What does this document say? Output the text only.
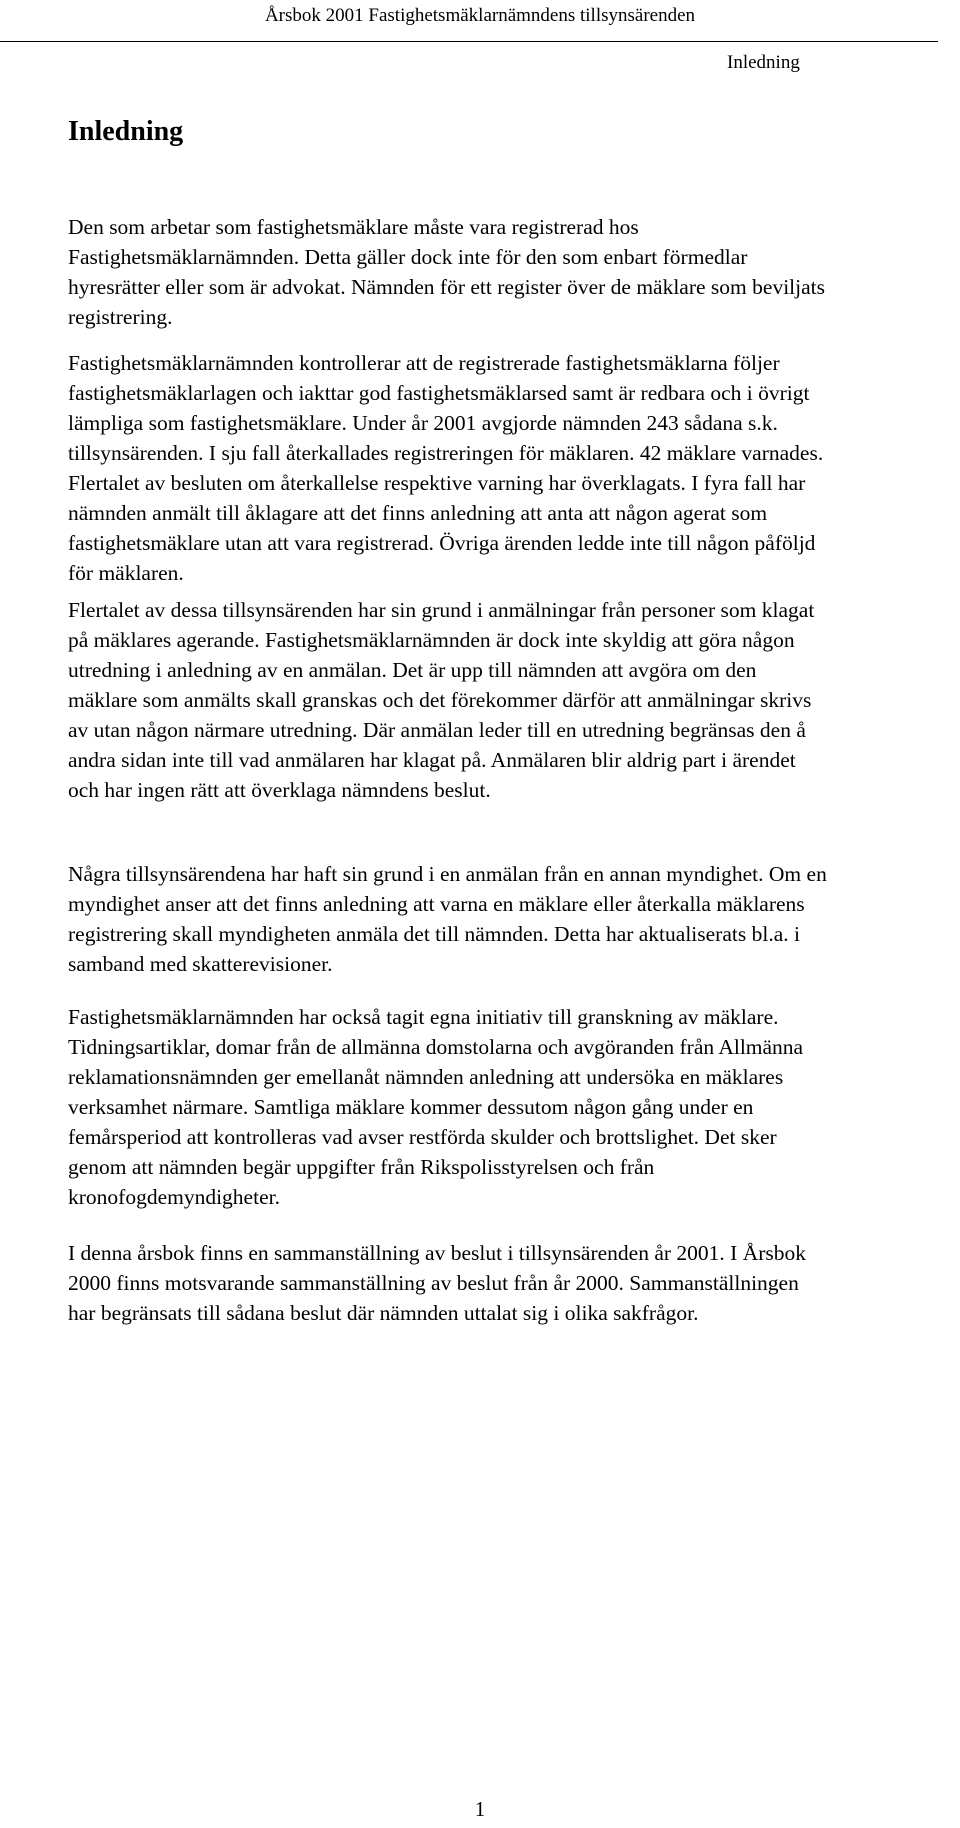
Årsbok 2001 Fastighetsmäklarnämndens tillsynsärenden
Inledning
Inledning

Den som arbetar som fastighetsmäklare måste vara registrerad hos Fastighetsmäklarnämnden. Detta gäller dock inte för den som enbart förmedlar hyresrätter eller som är advokat. Nämnden för ett register över de mäklare som beviljats registrering.

Fastighetsmäklarnämnden kontrollerar att de registrerade fastighetsmäklarna följer fastighetsmäklarlagen och iakttar god fastighetsmäklarsed samt är redbara och i övrigt lämpliga som fastighetsmäklare. Under år 2001 avgjorde nämnden 243 sådana s.k. tillsynsärenden. I sju fall återkallades registreringen för mäklaren. 42 mäklare varnades. Flertalet av besluten om återkallelse respektive varning har överklagats. I fyra fall har nämnden anmält till åklagare att det finns anledning att anta att någon agerat som fastighetsmäklare utan att vara registrerad. Övriga ärenden ledde inte till någon påföljd för mäklaren.

Flertalet av dessa tillsynsärenden har sin grund i anmälningar från personer som klagat på mäklares agerande. Fastighetsmäklarnämnden är dock inte skyldig att göra någon utredning i anledning av en anmälan. Det är upp till nämnden att avgöra om den mäklare som anmälts skall granskas och det förekommer därför att anmälningar skrivs av utan någon närmare utredning. Där anmälan leder till en utredning begränsas den å andra sidan inte till vad anmälaren har klagat på. Anmälaren blir aldrig part i ärendet och har ingen rätt att överklaga nämndens beslut.

Några tillsynsärendena har haft sin grund i en anmälan från en annan myndighet. Om en myndighet anser att det finns anledning att varna en mäklare eller återkalla mäklarens registrering skall myndigheten anmäla det till nämnden. Detta har aktualiserats bl.a. i samband med skatterevisioner.

Fastighetsmäklarnämnden har också tagit egna initiativ till granskning av mäklare. Tidningsartiklar, domar från de allmänna domstolarna och avgöranden från Allmänna reklamationsnämnden ger emellanåt nämnden anledning att undersöka en mäklares verksamhet närmare. Samtliga mäklare kommer dessutom någon gång under en femårsperiod att kontrolleras vad avser restförda skulder och brottslighet. Det sker genom att nämnden begär uppgifter från Rikspolisstyrelsen och från kronofogdemyndigheter.

I denna årsbok finns en sammanställning av beslut i tillsynsärenden år 2001. I Årsbok 2000 finns motsvarande sammanställning av beslut från år 2000. Sammanställningen har begränsats till sådana beslut där nämnden uttalat sig i olika sakfrågor.

1
